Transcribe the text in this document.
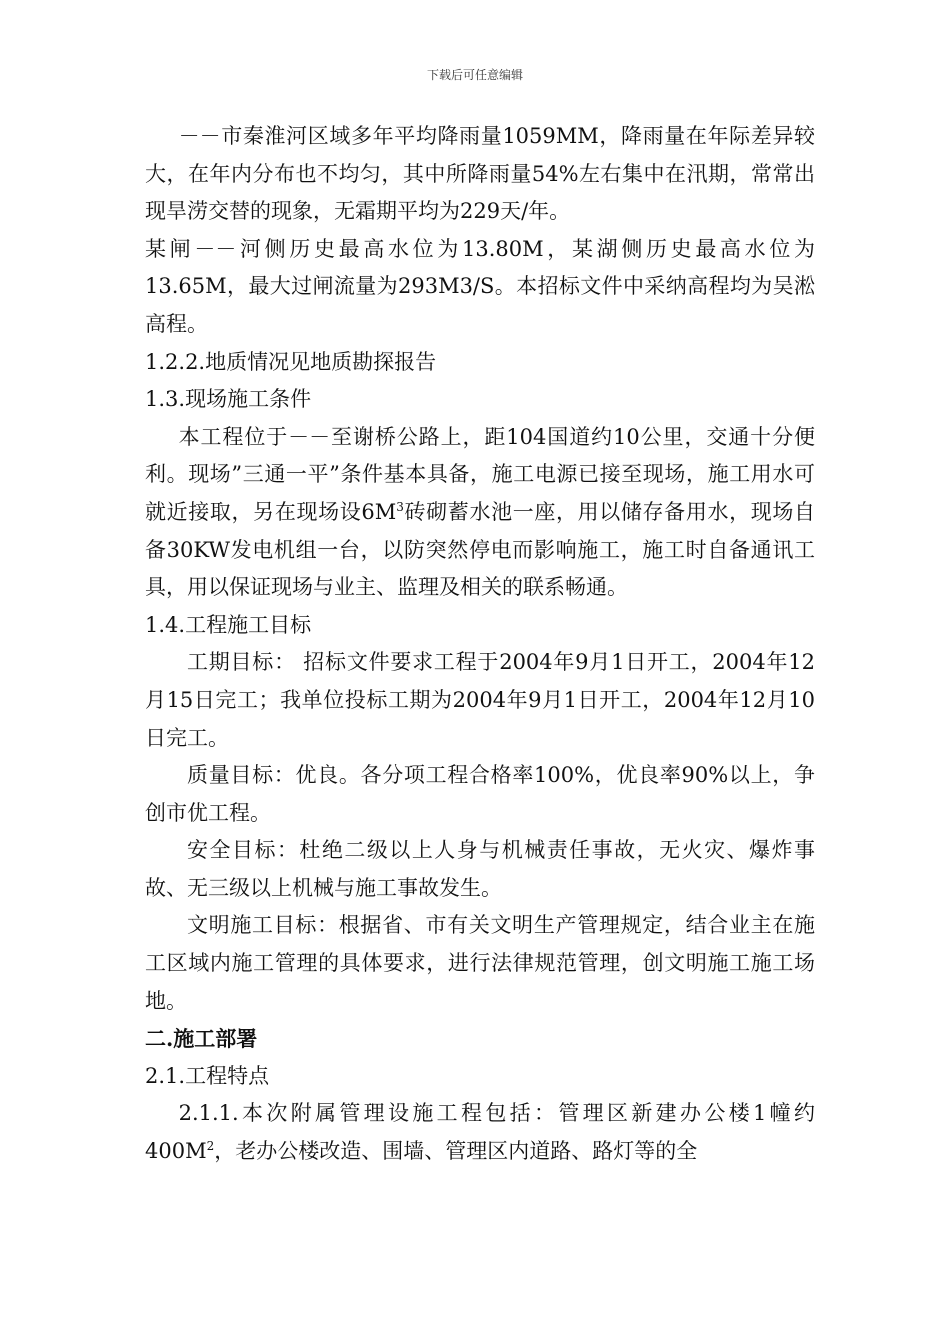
下载后可任意编辑

－－市秦淮河区域多年平均降雨量1059MM，降雨量在年际差异较大，在年内分布也不均匀，其中所降雨量54%左右集中在汛期，常常出现旱涝交替的现象，无霜期平均为229天/年。

某闸－－河侧历史最高水位为13.80M，某湖侧历史最高水位为13.65M，最大过闸流量为293M3/S。本招标文件中采纳高程均为吴淞高程。

1.2.2.地质情况见地质勘探报告

1.3.现场施工条件

本工程位于－－至谢桥公路上，距104国道约10公里，交通十分便利。现场”三通一平”条件基本具备，施工电源已接至现场，施工用水可就近接取，另在现场设$6M^3$砖砌蓄水池一座，用以储存备用水，现场自备30KW发电机组一台，以防突然停电而影响施工，施工时自备通讯工具，用以保证现场与业主、监理及相关的联系畅通。

1.4.工程施工目标

工期目标： 招标文件要求工程于2004年9月1日开工，2004年12月15日完工；我单位投标工期为2004年9月1日开工，2004年12月10日完工。

质量目标：优良。各分项工程合格率100%，优良率90%以上，争创市优工程。

安全目标：杜绝二级以上人身与机械责任事故，无火灾、爆炸事故、无三级以上机械与施工事故发生。

文明施工目标：根据省、市有关文明生产管理规定，结合业主在施工区域内施工管理的具体要求，进行法律规范管理，创文明施工施工场地。

二.施工部署

2.1.工程特点

2.1.1.本次附属管理设施工程包括：管理区新建办公楼1幢约$400M^2$，老办公楼改造、围墙、管理区内道路、路灯等的全
